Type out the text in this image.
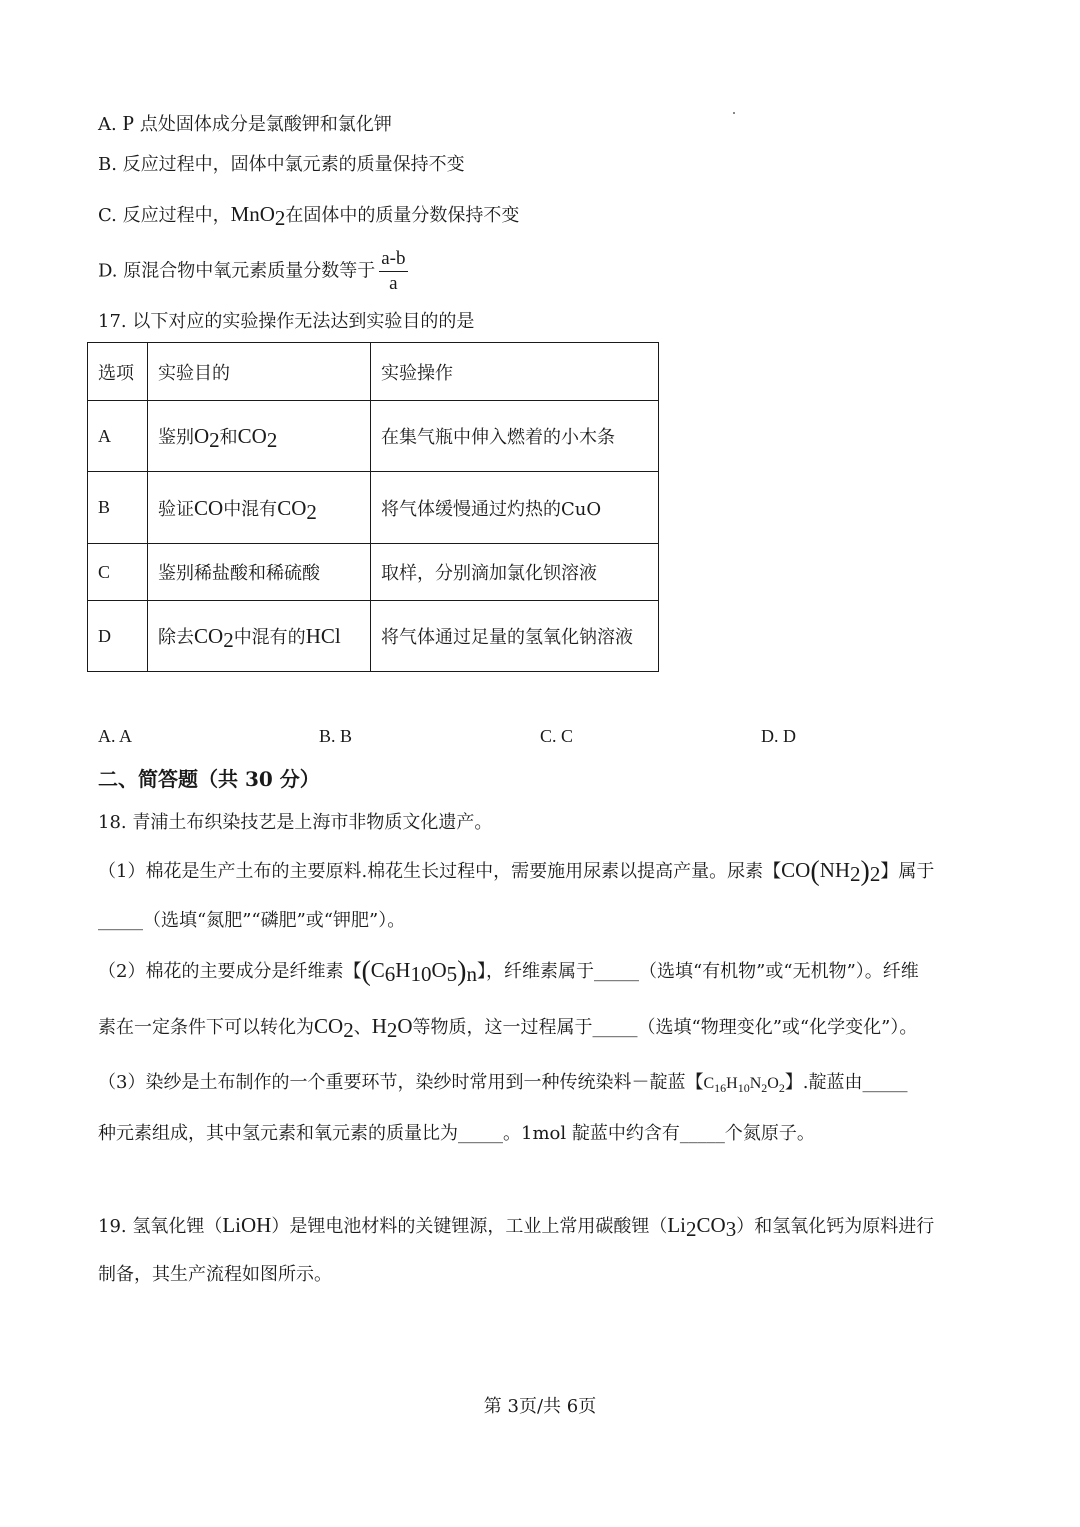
A. P 点处固体成分是氯酸钾和氯化钾
B. 反应过程中，固体中氯元素的质量保持不变
C. 反应过程中，MnO$_2$在固体中的质量分数保持不变
D. 原混合物中氧元素质量分数等于 $\frac{a-b}{a}$
17. 以下对应的实验操作无法达到实验目的的是
选项	实验目的	实验操作
A	鉴别$O_2$和$CO_2$	在集气瓶中伸入燃着的小木条
B	验证CO中混有$CO_2$	将气体缓慢通过灼热的CuO
C	鉴别稀盐酸和稀硫酸	取样，分别滴加氯化钡溶液
D	除去$CO_2$中混有的HCl	将气体通过足量的氢氧化钠溶液
A. A	B. B	C. C	D. D
二、简答题（共 30 分）
18. 青浦土布织染技艺是上海市非物质文化遗产。
（1）棉花是生产土布的主要原料.棉花生长过程中，需要施用尿素以提高产量。尿素【$CO(NH_2)_2$】属于
_____（选填“氮肥”“磷肥”或“钾肥”）。
（2）棉花的主要成分是纤维素【$(C_6H_{10}O_5)_n$】，纤维素属于_____（选填“有机物”或“无机物”）。纤维
素在一定条件下可以转化为$CO_2$、$H_2O$等物质，这一过程属于_____（选填“物理变化”或“化学变化”）。
（3）染纱是土布制作的一个重要环节，染纱时常用到一种传统染料－靛蓝【$C_{16}H_{10}N_2O_2$】.靛蓝由_____
种元素组成，其中氢元素和氧元素的质量比为_____。1mol 靛蓝中约含有_____个氮原子。
19. 氢氧化锂（LiOH）是锂电池材料的关键锂源，工业上常用碳酸锂$(Li_2CO_3)$和氢氧化钙为原料进行
制备，其生产流程如图所示。
第 3页/共 6页
